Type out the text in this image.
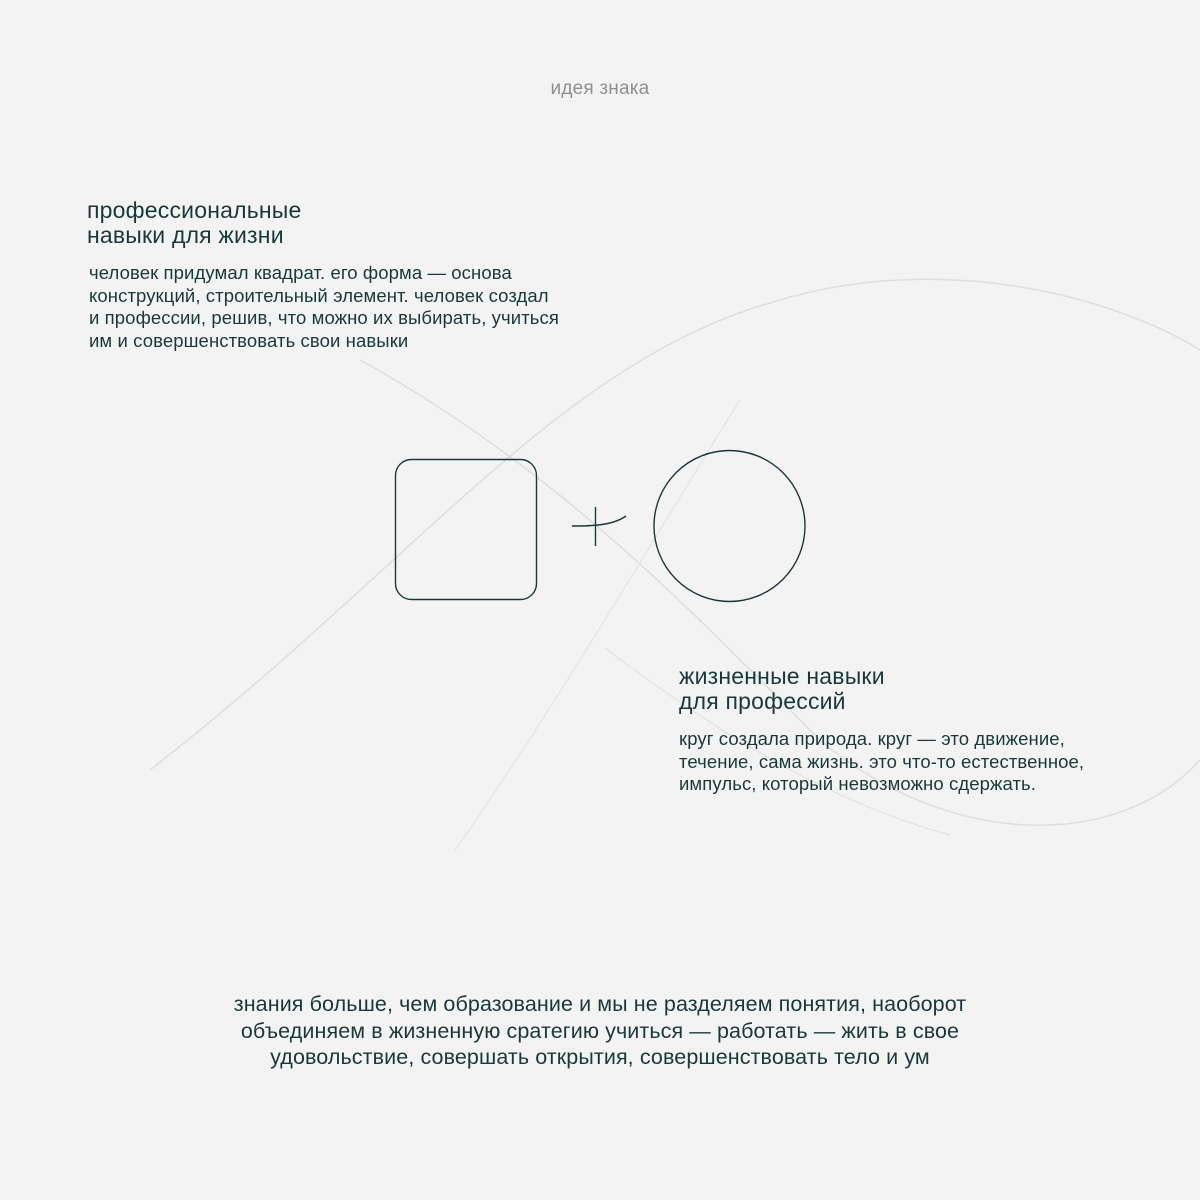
идея знака
профессиональные
навыки для жизни
человек придумал квадрат. его форма — основа
конструкций, строительный элемент. человек создал
и профессии, решив, что можно их выбирать, учиться
им и совершенствовать свои навыки
жизненные навыки
для профессий
круг создала природа. круг — это движение,
течение, сама жизнь. это что-то естественное,
импульс, который невозможно сдержать.
знания больше, чем образование и мы не разделяем понятия, наоборот
объединяем в жизненную сратегию учиться — работать — жить в свое
удовольствие, совершать открытия, совершенствовать тело и ум
